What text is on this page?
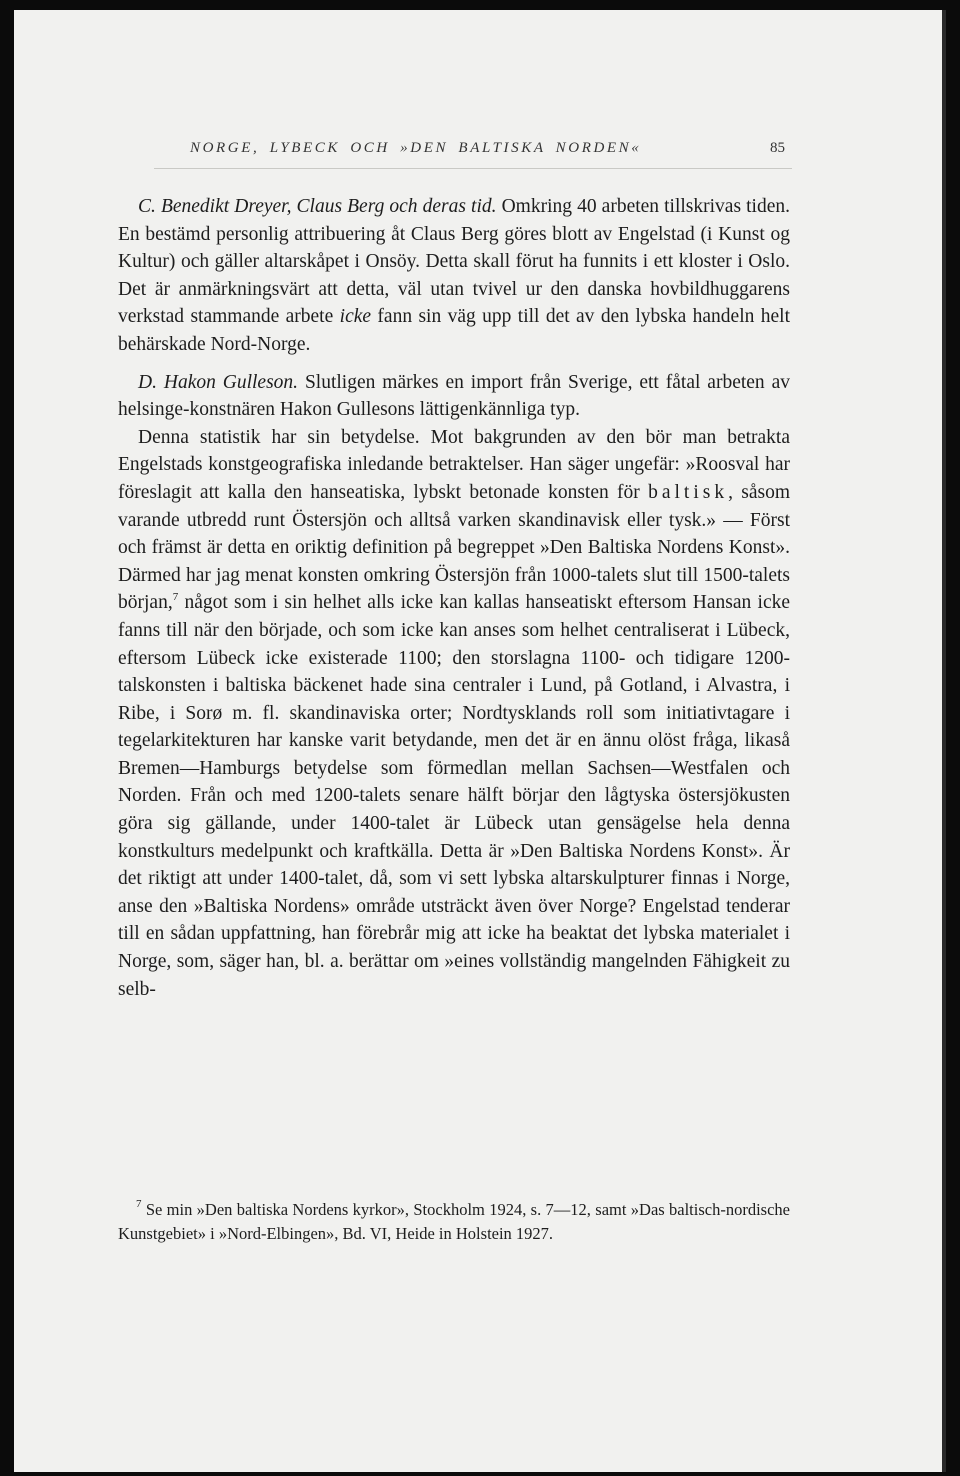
NORGE, LYBECK OCH »DEN BALTISKA NORDEN«	85

C. Benedikt Dreyer, Claus Berg och deras tid. Omkring 40 arbeten tillskrivas tiden. En bestämd personlig attribuering åt Claus Berg göres blott av Engelstad (i Kunst og Kultur) och gäller altarskåpet i Onsöy. Detta skall förut ha funnits i ett kloster i Oslo. Det är anmärkningsvärt att detta, väl utan tvivel ur den danska hovbildhuggarens verkstad stammande arbete icke fann sin väg upp till det av den lybska handeln helt behärskade Nord-Norge.

D. Hakon Gulleson. Slutligen märkes en import från Sverige, ett fåtal arbeten av helsinge-konstnären Hakon Gullesons lättigenkännliga typ.

Denna statistik har sin betydelse. Mot bakgrunden av den bör man betrakta Engelstads konstgeografiska inledande betraktelser. Han säger ungefär: »Roosval har föreslagit att kalla den hanseatiska, lybskt betonade konsten för baltisk, såsom varande utbredd runt Östersjön och alltså varken skandinavisk eller tysk.» — Först och främst är detta en oriktig definition på begreppet »Den Baltiska Nordens Konst». Därmed har jag menat konsten omkring Östersjön från 1000-talets slut till 1500-talets början,$^7$ något som i sin helhet alls icke kan kallas hanseatiskt eftersom Hansan icke fanns till när den började, och som icke kan anses som helhet centraliserat i Lübeck, eftersom Lübeck icke existerade 1100; den storslagna 1100- och tidigare 1200-talskonsten i baltiska bäckenet hade sina centraler i Lund, på Gotland, i Alvastra, i Ribe, i Sorø m. fl. skandinaviska orter; Nordtysklands roll som initiativtagare i tegelarkitekturen har kanske varit betydande, men det är en ännu olöst fråga, likaså Bremen—Hamburgs betydelse som förmedlan mellan Sachsen—Westfalen och Norden. Från och med 1200-talets senare hälft börjar den lågtyska östersjökusten göra sig gällande, under 1400-talet är Lübeck utan gensägelse hela denna konstkulturs medelpunkt och kraftkälla. Detta är »Den Baltiska Nordens Konst». Är det riktigt att under 1400-talet, då, som vi sett lybska altarskulpturer finnas i Norge, anse den »Baltiska Nordens» område utsträckt även över Norge? Engelstad tenderar till en sådan uppfattning, han förebrår mig att icke ha beaktat det lybska materialet i Norge, som, säger han, bl. a. berättar om »eines vollständig mangelnden Fähigkeit zu selb-

$^7$ Se min »Den baltiska Nordens kyrkor», Stockholm 1924, s. 7—12, samt »Das baltisch-nordische Kunstgebiet» i »Nord-Elbingen», Bd. VI, Heide in Holstein 1927.
